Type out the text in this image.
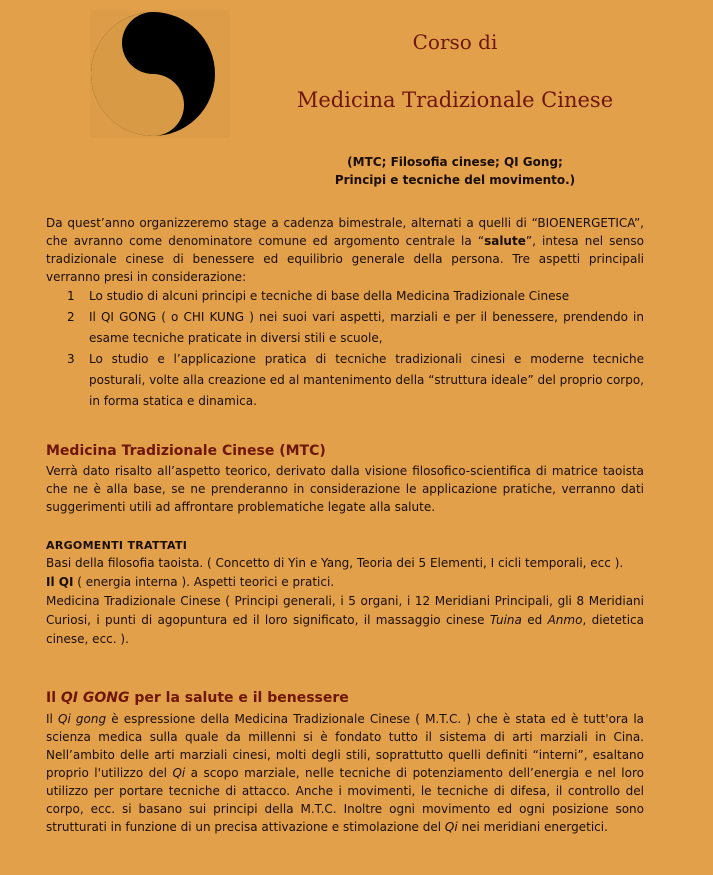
Corso di
Medicina Tradizionale Cinese
(MTC; Filosofia cinese; QI Gong;
Principi e tecniche del movimento.)
Da quest’anno organizzeremo stage a cadenza bimestrale, alternati a quelli di “BIOENERGETICA”, che avranno come denominatore comune ed argomento centrale la “salute”, intesa nel senso tradizionale cinese di benessere ed equilibrio generale della persona. Tre aspetti principali verranno presi in considerazione:
1 Lo studio di alcuni principi e tecniche di base della Medicina Tradizionale Cinese
2 Il QI GONG ( o CHI KUNG ) nei suoi vari aspetti, marziali e per il benessere, prendendo in esame tecniche praticate in diversi stili e scuole,
3 Lo studio e l’applicazione pratica di tecniche tradizionali cinesi e moderne tecniche posturali, volte alla creazione ed al mantenimento della “struttura ideale” del proprio corpo, in forma statica e dinamica.
Medicina Tradizionale Cinese (MTC)
Verrà dato risalto all’aspetto teorico, derivato dalla visione filosofico-scientifica di matrice taoista che ne è alla base, se ne prenderanno in considerazione le applicazione pratiche, verranno dati suggerimenti utili ad affrontare problematiche legate alla salute.
ARGOMENTI TRATTATI
Basi della filosofia taoista. ( Concetto di Yin e Yang, Teoria dei 5 Elementi, I cicli temporali, ecc ).
Il QI ( energia interna ). Aspetti teorici e pratici.
Medicina Tradizionale Cinese ( Principi generali, i 5 organi, i 12 Meridiani Principali, gli 8 Meridiani Curiosi, i punti di agopuntura ed il loro significato, il massaggio cinese Tuina ed Anmo, dietetica cinese, ecc. ).
Il QI GONG per la salute e il benessere
Il Qi gong è espressione della Medicina Tradizionale Cinese ( M.T.C. ) che è stata ed è tutt'ora la scienza medica sulla quale da millenni si è fondato tutto il sistema di arti marziali in Cina. Nell’ambito delle arti marziali cinesi, molti degli stili, soprattutto quelli definiti “interni”, esaltano proprio l'utilizzo del Qi a scopo marziale, nelle tecniche di potenziamento dell’energia e nel loro utilizzo per portare tecniche di attacco. Anche i movimenti, le tecniche di difesa, il controllo del corpo, ecc. si basano sui principi della M.T.C. Inoltre ogni movimento ed ogni posizione sono strutturati in funzione di un precisa attivazione e stimolazione del Qi nei meridiani energetici.
